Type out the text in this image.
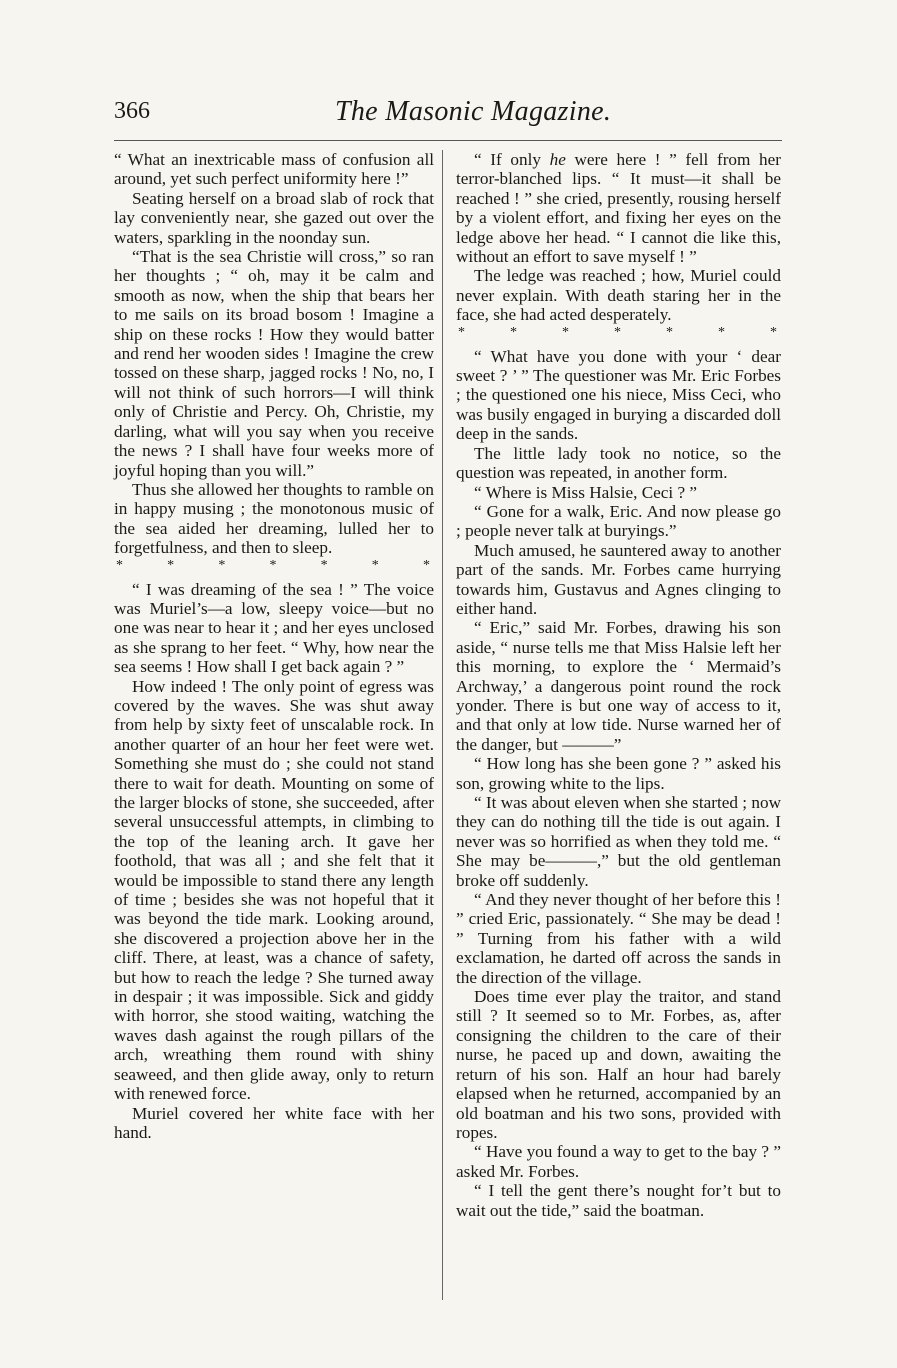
366	The Masonic Magazine.

“ What an inextricable mass of confusion all around, yet such perfect uniformity here !”

Seating herself on a broad slab of rock that lay conveniently near, she gazed out over the waters, sparkling in the noonday sun.

“That is the sea Christie will cross,” so ran her thoughts ; “ oh, may it be calm and smooth as now, when the ship that bears her to me sails on its broad bosom ! Imagine a ship on these rocks ! How they would batter and rend her wooden sides ! Imagine the crew tossed on these sharp, jagged rocks ! No, no, I will not think of such horrors—I will think only of Christie and Percy. Oh, Christie, my darling, what will you say when you receive the news ? I shall have four weeks more of joyful hoping than you will.”

Thus she allowed her thoughts to ramble on in happy musing ; the monotonous music of the sea aided her dreaming, lulled her to forgetfulness, and then to sleep.

*	*	*	*	*	*	*

“ I was dreaming of the sea ! ” The voice was Muriel’s—a low, sleepy voice—but no one was near to hear it ; and her eyes unclosed as she sprang to her feet. “ Why, how near the sea seems ! How shall I get back again ? ”

How indeed ! The only point of egress was covered by the waves. She was shut away from help by sixty feet of unscalable rock. In another quarter of an hour her feet were wet. Something she must do ; she could not stand there to wait for death. Mounting on some of the larger blocks of stone, she succeeded, after several unsuccessful attempts, in climbing to the top of the leaning arch. It gave her foothold, that was all ; and she felt that it would be impossible to stand there any length of time ; besides she was not hopeful that it was beyond the tide mark. Looking around, she discovered a projection above her in the cliff. There, at least, was a chance of safety, but how to reach the ledge ? She turned away in despair ; it was impossible. Sick and giddy with horror, she stood waiting, watching the waves dash against the rough pillars of the arch, wreathing them round with shiny seaweed, and then glide away, only to return with renewed force.

Muriel covered her white face with her hand.

“ If only he were here ! ” fell from her terror-blanched lips. “ It must—it shall be reached ! ” she cried, presently, rousing herself by a violent effort, and fixing her eyes on the ledge above her head. “ I cannot die like this, without an effort to save myself ! ”

The ledge was reached ; how, Muriel could never explain. With death staring her in the face, she had acted desperately.

*	*	*	*	*	*	*

“ What have you done with your ‘ dear sweet ? ’ ” The questioner was Mr. Eric Forbes ; the questioned one his niece, Miss Ceci, who was busily engaged in burying a discarded doll deep in the sands.

The little lady took no notice, so the question was repeated, in another form.

“ Where is Miss Halsie, Ceci ? ”

“ Gone for a walk, Eric. And now please go ; people never talk at buryings.”

Much amused, he sauntered away to another part of the sands. Mr. Forbes came hurrying towards him, Gustavus and Agnes clinging to either hand.

“ Eric,” said Mr. Forbes, drawing his son aside, “ nurse tells me that Miss Halsie left her this morning, to explore the ‘ Mermaid’s Archway,’ a dangerous point round the rock yonder. There is but one way of access to it, and that only at low tide. Nurse warned her of the danger, but ———”

“ How long has she been gone ? ” asked his son, growing white to the lips.

“ It was about eleven when she started ; now they can do nothing till the tide is out again. I never was so horrified as when they told me. “ She may be———,” but the old gentleman broke off suddenly.

“ And they never thought of her before this ! ” cried Eric, passionately. “ She may be dead ! ” Turning from his father with a wild exclamation, he darted off across the sands in the direction of the village.

Does time ever play the traitor, and stand still ? It seemed so to Mr. Forbes, as, after consigning the children to the care of their nurse, he paced up and down, awaiting the return of his son. Half an hour had barely elapsed when he returned, accompanied by an old boatman and his two sons, provided with ropes.

“ Have you found a way to get to the bay ? ” asked Mr. Forbes.

“ I tell the gent there’s nought for’t but to wait out the tide,” said the boatman.
